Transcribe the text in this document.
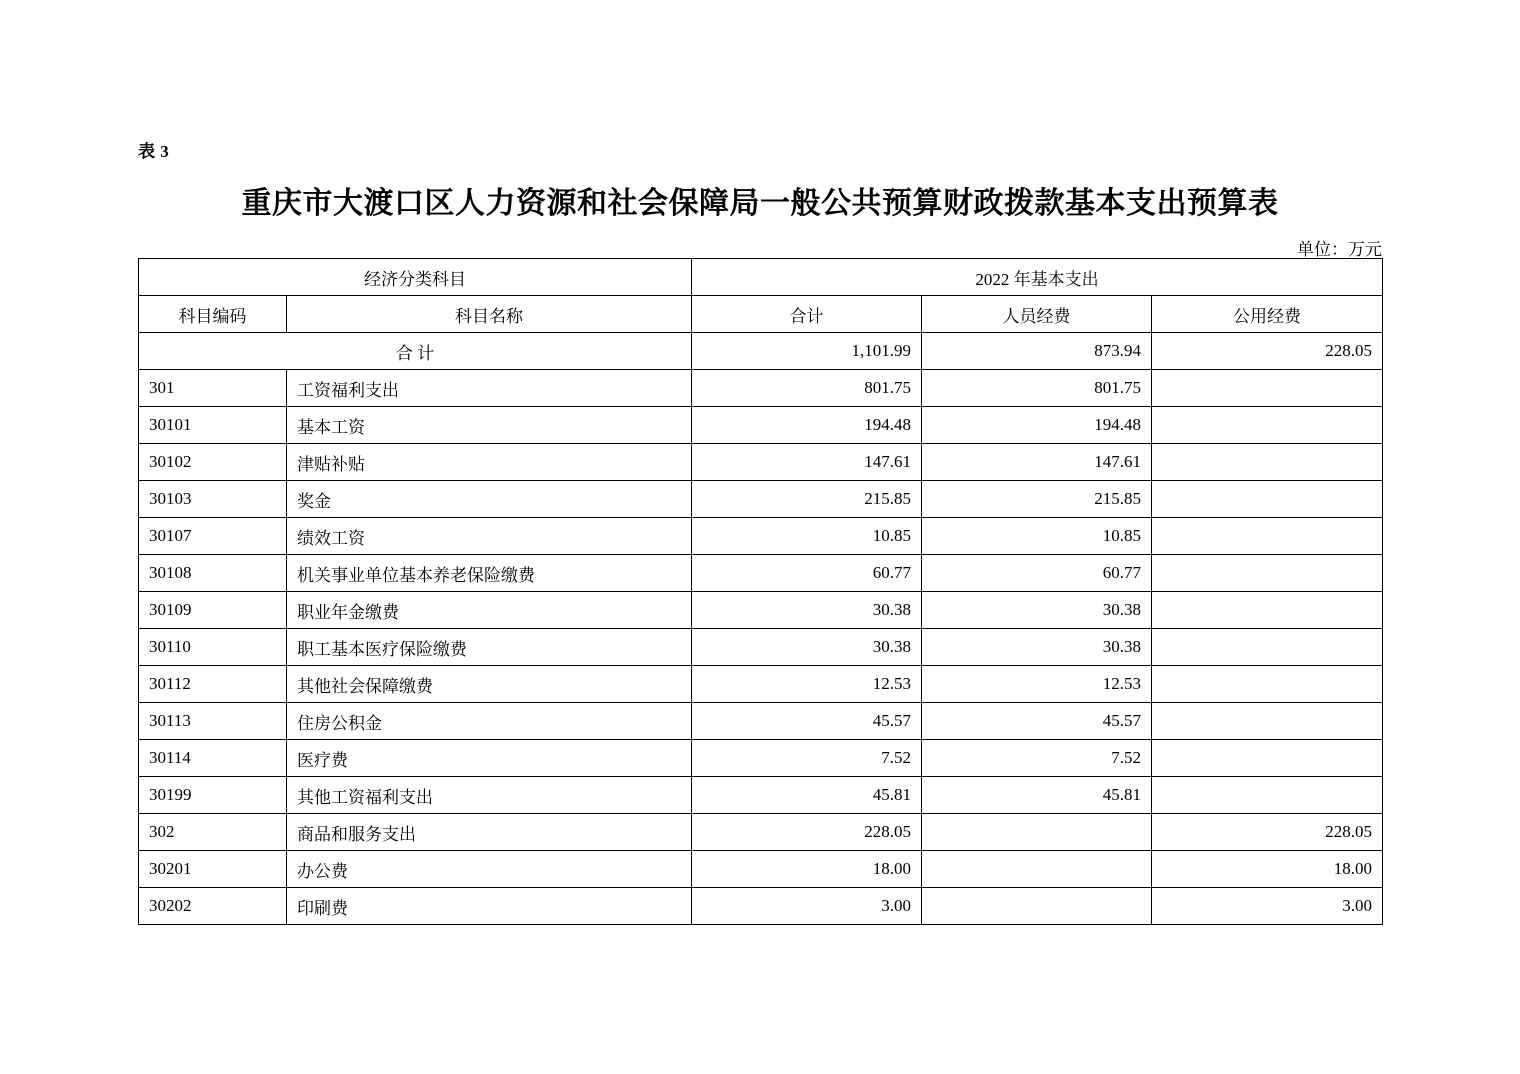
表 3
重庆市大渡口区人力资源和社会保障局一般公共预算财政拨款基本支出预算表
单位：万元
经济分类科目		2022 年基本支出		
科目编码	科目名称	合计	人员经费	公用经费
合 计		1,101.99	873.94	228.05
301	工资福利支出	801.75	801.75	
30101	基本工资	194.48	194.48	
30102	津贴补贴	147.61	147.61	
30103	奖金	215.85	215.85	
30107	绩效工资	10.85	10.85	
30108	机关事业单位基本养老保险缴费	60.77	60.77	
30109	职业年金缴费	30.38	30.38	
30110	职工基本医疗保险缴费	30.38	30.38	
30112	其他社会保障缴费	12.53	12.53	
30113	住房公积金	45.57	45.57	
30114	医疗费	7.52	7.52	
30199	其他工资福利支出	45.81	45.81	
302	商品和服务支出	228.05		228.05
30201	办公费	18.00		18.00
30202	印刷费	3.00		3.00
